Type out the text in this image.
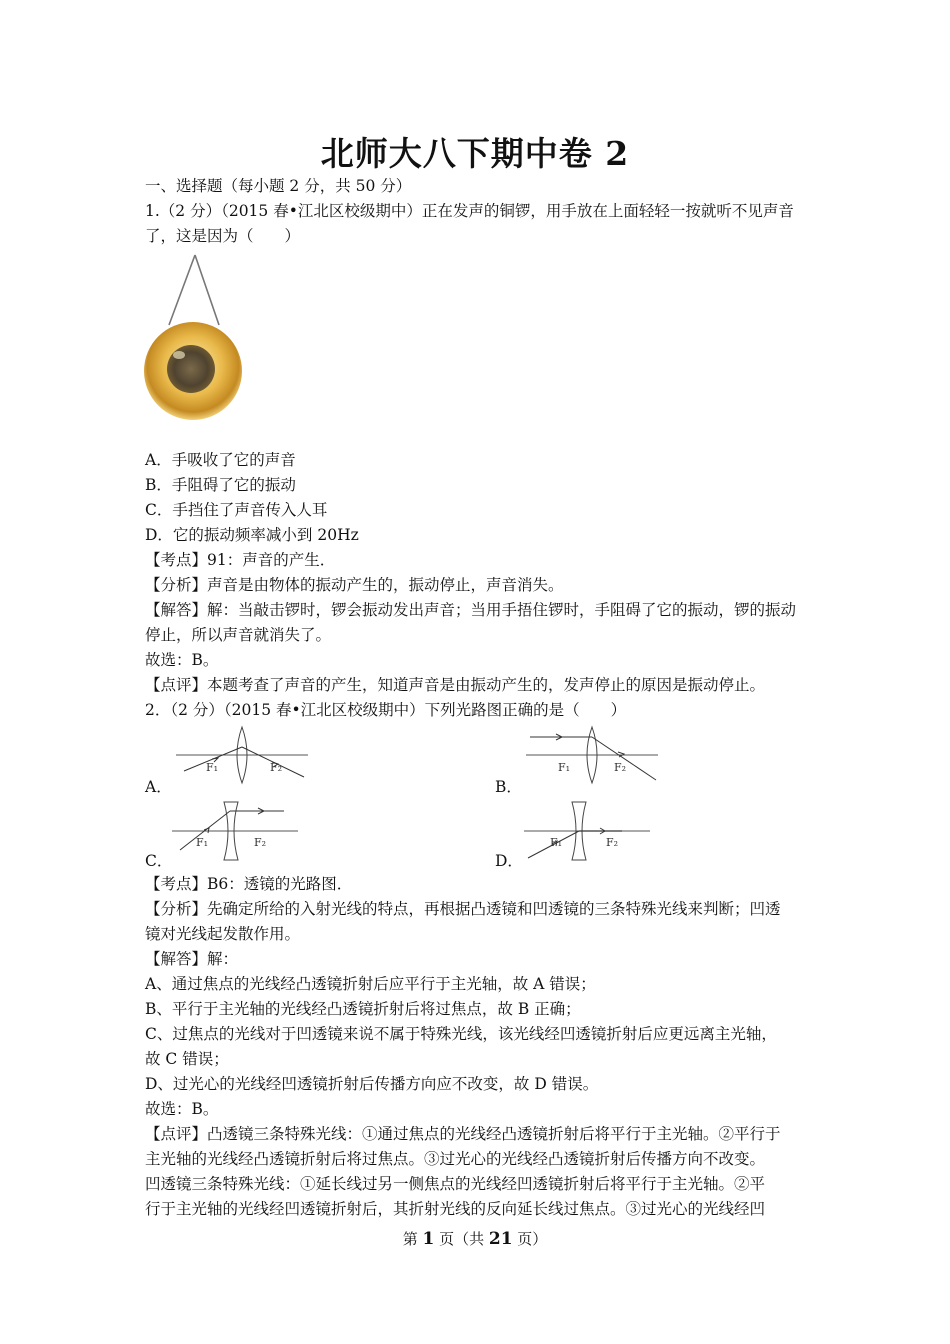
北师大八下期中卷 2
一、选择题（每小题 2 分，共 50 分）
1.（2 分）（2015 春•江北区校级期中）正在发声的铜锣，用手放在上面轻轻一按就听不见声音
了，这是因为（　　）
A．手吸收了它的声音
B．手阻碍了它的振动
C．手挡住了声音传入人耳
D．它的振动频率减小到 20Hz
【考点】91：声音的产生．
【分析】声音是由物体的振动产生的，振动停止，声音消失。
【解答】解：当敲击锣时，锣会振动发出声音；当用手捂住锣时，手阻碍了它的振动，锣的振动
停止，所以声音就消失了。
故选：B。
【点评】本题考查了声音的产生，知道声音是由振动产生的，发声停止的原因是振动停止。
2．（2 分）（2015 春•江北区校级期中）下列光路图正确的是（　　）
F₁	F₂
A．
F₁	F₂
B．
F₁	F₂
C．
F₁	F₂
D．
【考点】B6：透镜的光路图．
【分析】先确定所给的入射光线的特点，再根据凸透镜和凹透镜的三条特殊光线来判断；凹透
镜对光线起发散作用。
【解答】解：
A、通过焦点的光线经凸透镜折射后应平行于主光轴，故 A 错误；
B、平行于主光轴的光线经凸透镜折射后将过焦点，故 B 正确；
C、过焦点的光线对于凹透镜来说不属于特殊光线，该光线经凹透镜折射后应更远离主光轴，
故 C 错误；
D、过光心的光线经凹透镜折射后传播方向应不改变，故 D 错误。
故选：B。
【点评】凸透镜三条特殊光线：①通过焦点的光线经凸透镜折射后将平行于主光轴。②平行于
主光轴的光线经凸透镜折射后将过焦点。③过光心的光线经凸透镜折射后传播方向不改变。
凹透镜三条特殊光线：①延长线过另一侧焦点的光线经凹透镜折射后将平行于主光轴。②平
行于主光轴的光线经凹透镜折射后，其折射光线的反向延长线过焦点。③过光心的光线经凹
第 1 页（共 21 页）
